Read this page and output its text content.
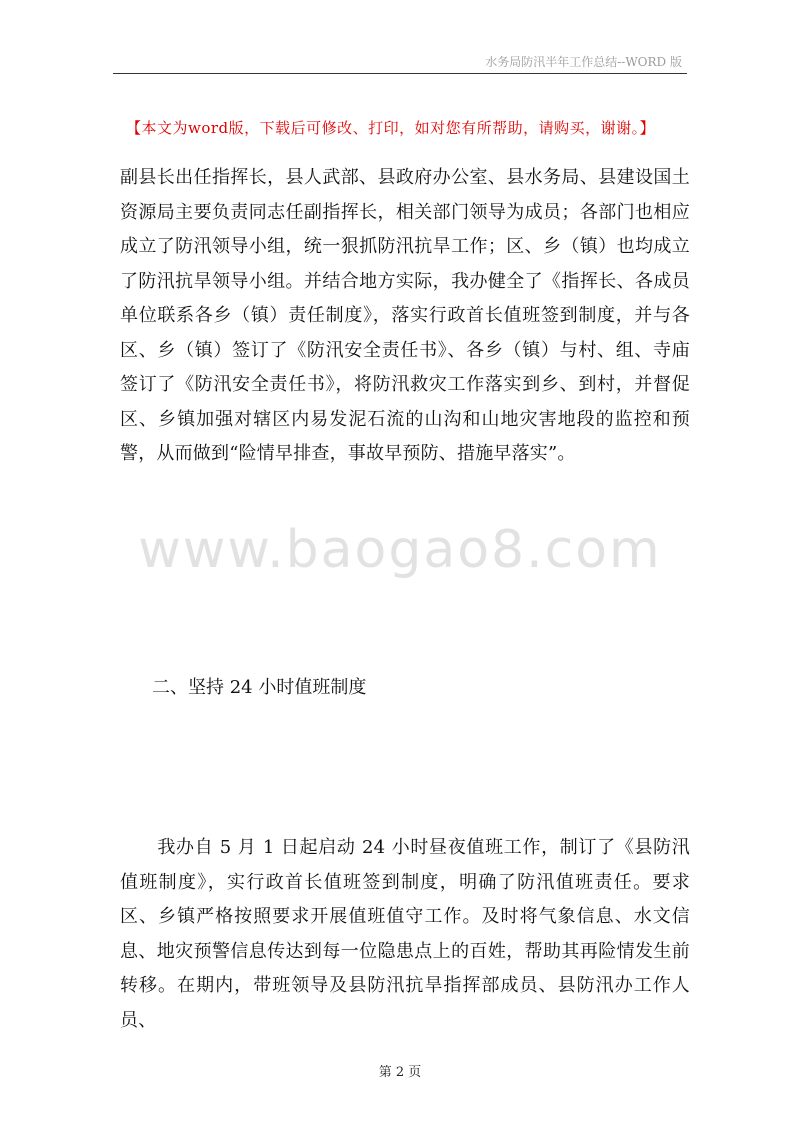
水务局防汛半年工作总结--WORD 版
【本文为word版，下载后可修改、打印，如对您有所帮助，请购买，谢谢。】

副县长出任指挥长，县人武部、县政府办公室、县水务局、县建设国土资源局主要负责同志任副指挥长，相关部门领导为成员；各部门也相应成立了防汛领导小组，统一狠抓防汛抗旱工作；区、乡（镇）也均成立了防汛抗旱领导小组。并结合地方实际，我办健全了《指挥长、各成员单位联系各乡（镇）责任制度》，落实行政首长值班签到制度，并与各区、乡（镇）签订了《防汛安全责任书》、各乡（镇）与村、组、寺庙签订了《防汛安全责任书》，将防汛救灾工作落实到乡、到村，并督促区、乡镇加强对辖区内易发泥石流的山沟和山地灾害地段的监控和预警，从而做到“险情早排查，事故早预防、措施早落实”。

www.baogao8.com
二、坚持 24 小时值班制度

　　我办自 5 月 1 日起启动 24 小时昼夜值班工作，制订了《县防汛值班制度》，实行政首长值班签到制度，明确了防汛值班责任。要求区、乡镇严格按照要求开展值班值守工作。及时将气象信息、水文信息、地灾预警信息传达到每一位隐患点上的百姓，帮助其再险情发生前转移。在期内，带班领导及县防汛抗旱指挥部成员、县防汛办工作人员、

第 2 页
